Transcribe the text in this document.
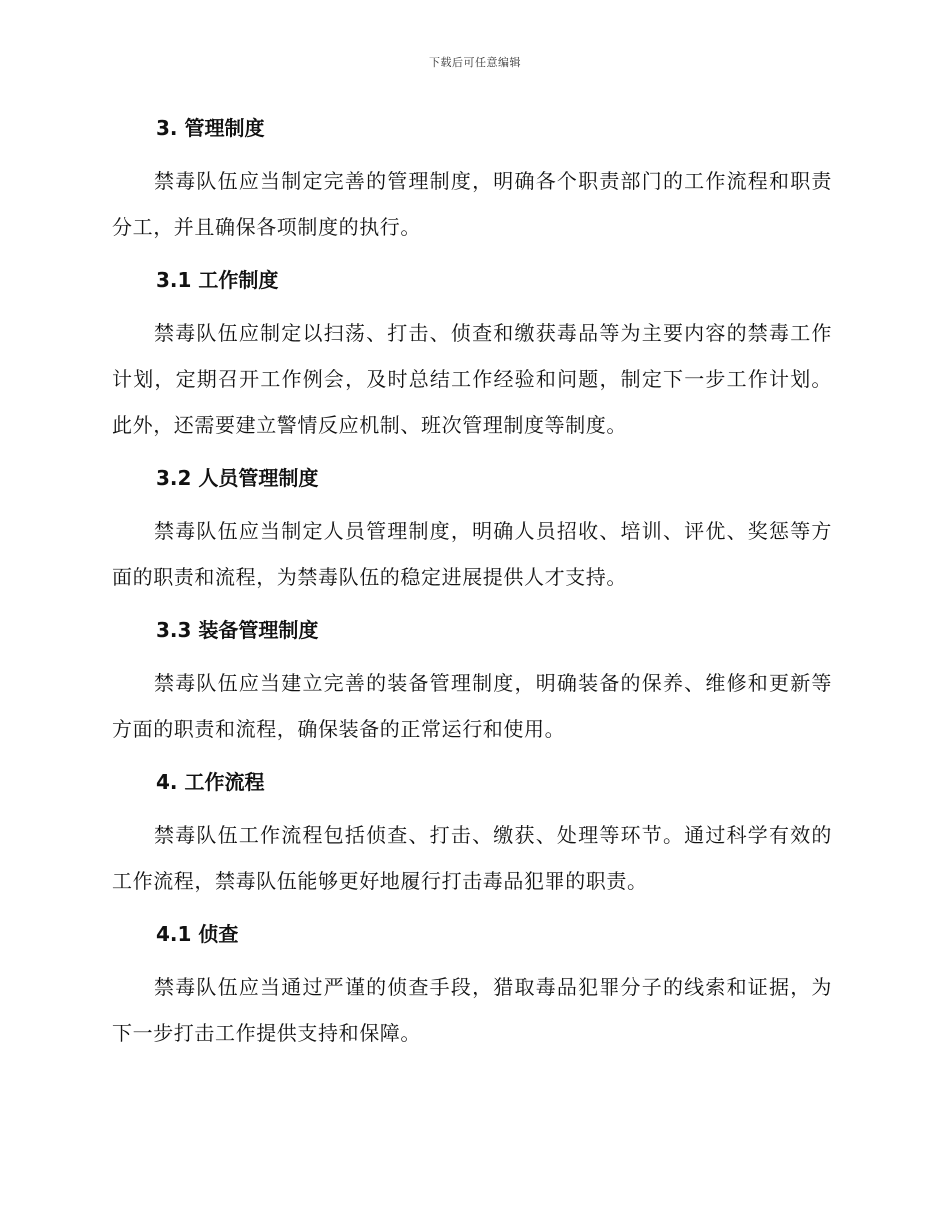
下载后可任意编辑
3. 管理制度

禁毒队伍应当制定完善的管理制度，明确各个职责部门的工作流程和职责分工，并且确保各项制度的执行。

3.1 工作制度

禁毒队伍应制定以扫荡、打击、侦查和缴获毒品等为主要内容的禁毒工作计划，定期召开工作例会，及时总结工作经验和问题，制定下一步工作计划。此外，还需要建立警情反应机制、班次管理制度等制度。

3.2 人员管理制度

禁毒队伍应当制定人员管理制度，明确人员招收、培训、评优、奖惩等方面的职责和流程，为禁毒队伍的稳定进展提供人才支持。

3.3 装备管理制度

禁毒队伍应当建立完善的装备管理制度，明确装备的保养、维修和更新等方面的职责和流程，确保装备的正常运行和使用。

4. 工作流程

禁毒队伍工作流程包括侦查、打击、缴获、处理等环节。通过科学有效的工作流程，禁毒队伍能够更好地履行打击毒品犯罪的职责。

4.1 侦查

禁毒队伍应当通过严谨的侦查手段，猎取毒品犯罪分子的线索和证据，为下一步打击工作提供支持和保障。
